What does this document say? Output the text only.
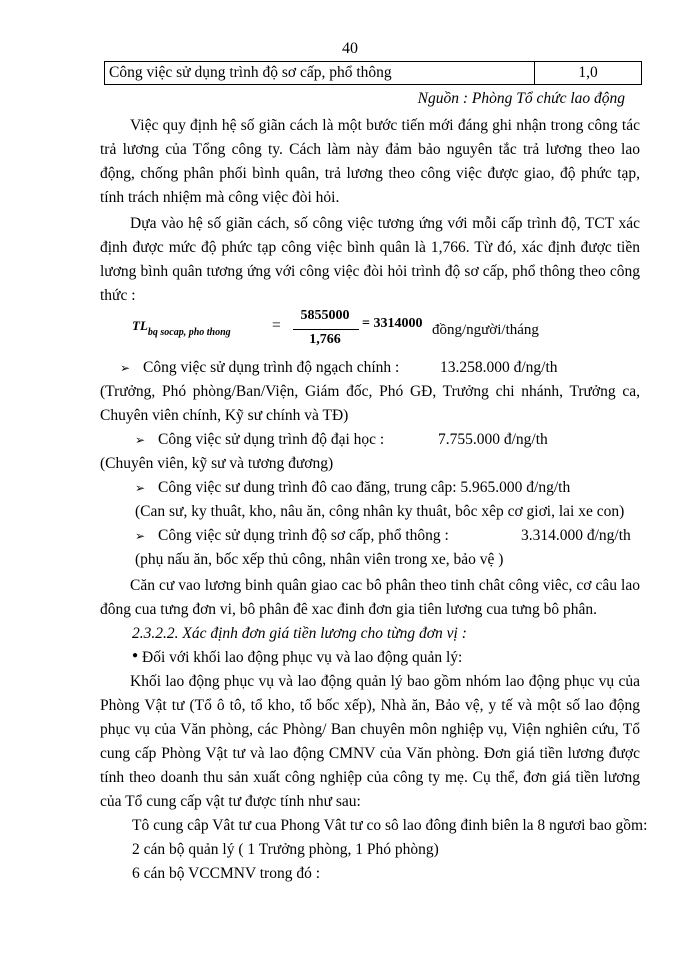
40
Công việc sử dụng trình độ sơ cấp, phổ thông	1,0
Nguồn : Phòng Tổ chức lao động

Việc quy định hệ số giãn cách là một bước tiến mới đáng ghi nhận trong công tác trả lương của Tổng công ty. Cách làm này đảm bảo nguyên tắc trả lương theo lao động, chống phân phối bình quân, trả lương theo công việc được giao, độ phức tạp, tính trách nhiệm mà công việc đòi hỏi.

Dựa vào hệ số giãn cách, số công việc tương ứng với mỗi cấp trình độ, TCT xác định được mức độ phức tạp công việc bình quân là 1,766. Từ đó, xác định được tiền lương bình quân tương ứng với công việc đòi hỏi trình độ sơ cấp, phổ thông theo công thức :

$TL_{bq socap, pho thong}$	=
5855000
1,766
= 3314000 đồng/người/tháng
➢ Công việc sử dụng trình độ ngạch chính :	13.258.000 đ/ng/th

(Trưởng, Phó phòng/Ban/Viện, Giám đốc, Phó GĐ, Trưởng chi nhánh, Trưởng ca, Chuyên viên chính, Kỹ sư chính và TĐ)

➢ Công việc sử dụng trình độ đại học :	7.755.000 đ/ng/th

(Chuyên viên, kỹ sư và tương đương)

➢ Công việc sư dung trình đô cao đăng, trung câp: 5.965.000 đ/ng/th

(Can sư, ky thuât, kho, nâu ăn, công nhân ky thuât, bôc xêp cơ giơi, lai xe con)

➢ Công việc sử dụng trình độ sơ cấp, phổ thông :	3.314.000 đ/ng/th

(phụ nấu ăn, bốc xếp thủ công, nhân viên trong xe, bảo vệ )

Căn cư vao lương binh quân giao cac bô phân theo tinh chât công viêc, cơ câu lao đông cua tưng đơn vi, bô phân đê xac đinh đơn gia tiên lương cua tưng bô phân.

2.3.2.2. Xác định đơn giá tiền lương cho từng đơn vị :
● Đối với khối lao động phục vụ và lao động quản lý:

Khối lao động phục vụ và lao động quản lý bao gồm nhóm lao động phục vụ của Phòng Vật tư (Tổ ô tô, tổ kho, tổ bốc xếp), Nhà ăn, Bảo vệ, y tế và một số lao động phục vụ của Văn phòng, các Phòng/ Ban chuyên môn nghiệp vụ, Viện nghiên cứu, Tổ cung cấp Phòng Vật tư và lao động CMNV của Văn phòng. Đơn giá tiền lương được tính theo doanh thu sản xuất công nghiệp của công ty mẹ. Cụ thể, đơn giá tiền lương của Tổ cung cấp vật tư được tính như sau:

Tô cung câp Vât tư cua Phong Vât tư co sô lao đông đinh biên la 8 ngươi bao gồm:
2 cán bộ quản lý ( 1 Trưởng phòng, 1 Phó phòng)
6 cán bộ VCCMNV trong đó :
